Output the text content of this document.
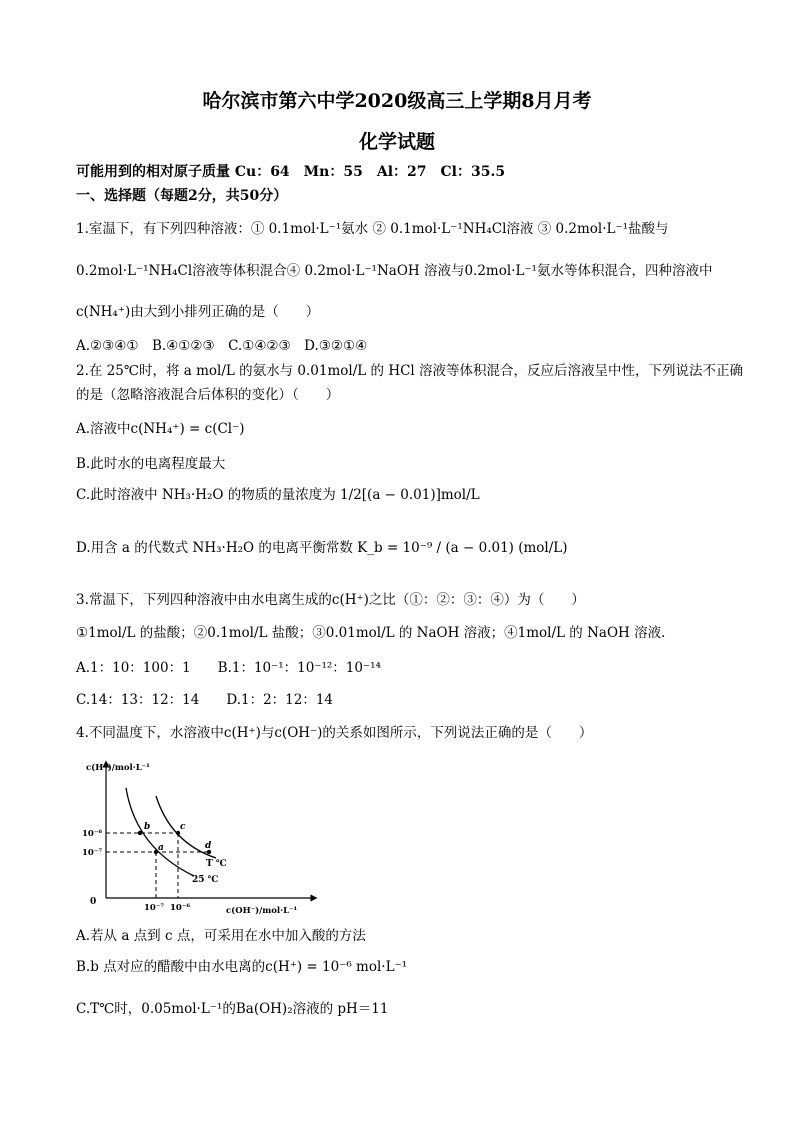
哈尔滨市第六中学2020级高三上学期8月月考
化学试题
可能用到的相对原子质量 Cu：64　Mn：55　Al：27　Cl：35.5
一、选择题（每题2分，共50分）
1.室温下，有下列四种溶液：① 0.1mol·L⁻¹氨水 ② 0.1mol·L⁻¹NH₄Cl溶液 ③ 0.2mol·L⁻¹盐酸与
0.2mol·L⁻¹NH₄Cl溶液等体积混合④ 0.2mol·L⁻¹NaOH 溶液与0.2mol·L⁻¹氨水等体积混合，四种溶液中
c(NH₄⁺)由大到小排列正确的是（　　）
A.②③④①　B.④①②③　C.①④②③　D.③②①④
2.在 25℃时，将 a mol/L 的氨水与 0.01mol/L 的 HCl 溶液等体积混合，反应后溶液呈中性，下列说法不正确
的是（忽略溶液混合后体积的变化）（　　）
A.溶液中c(NH₄⁺) = c(Cl⁻)
B.此时水的电离程度最大
C.此时溶液中 NH₃·H₂O 的物质的量浓度为 1/2[(a − 0.01)]mol/L
D.用含 a 的代数式 NH₃·H₂O 的电离平衡常数 K_b = 10⁻⁹ / (a − 0.01) (mol/L)
3.常温下，下列四种溶液中由水电离生成的c(H⁺)之比（①：②：③：④）为（　　）
①1mol/L 的盐酸；②0.1mol/L 盐酸；③0.01mol/L 的 NaOH 溶液；④1mol/L 的 NaOH 溶液.
A.1：10：100：1　　B.1：10⁻¹：10⁻¹²：10⁻¹⁴
C.14：13：12：14　　D.1：2：12：14
4.不同温度下，水溶液中c(H⁺)与c(OH⁻)的关系如图所示，下列说法正确的是（　　）
c(H⁺)/mol·L⁻¹
c(OH⁻)/mol·L⁻¹
0
10⁻⁶
10⁻⁷
10⁻⁷ 10⁻⁶
a
b	c
d
T ℃
25 ℃
A.若从 a 点到 c 点，可采用在水中加入酸的方法
B.b 点对应的醋酸中由水电离的c(H⁺) = 10⁻⁶ mol·L⁻¹
C.T℃时，0.05mol·L⁻¹的Ba(OH)₂溶液的 pH＝11
